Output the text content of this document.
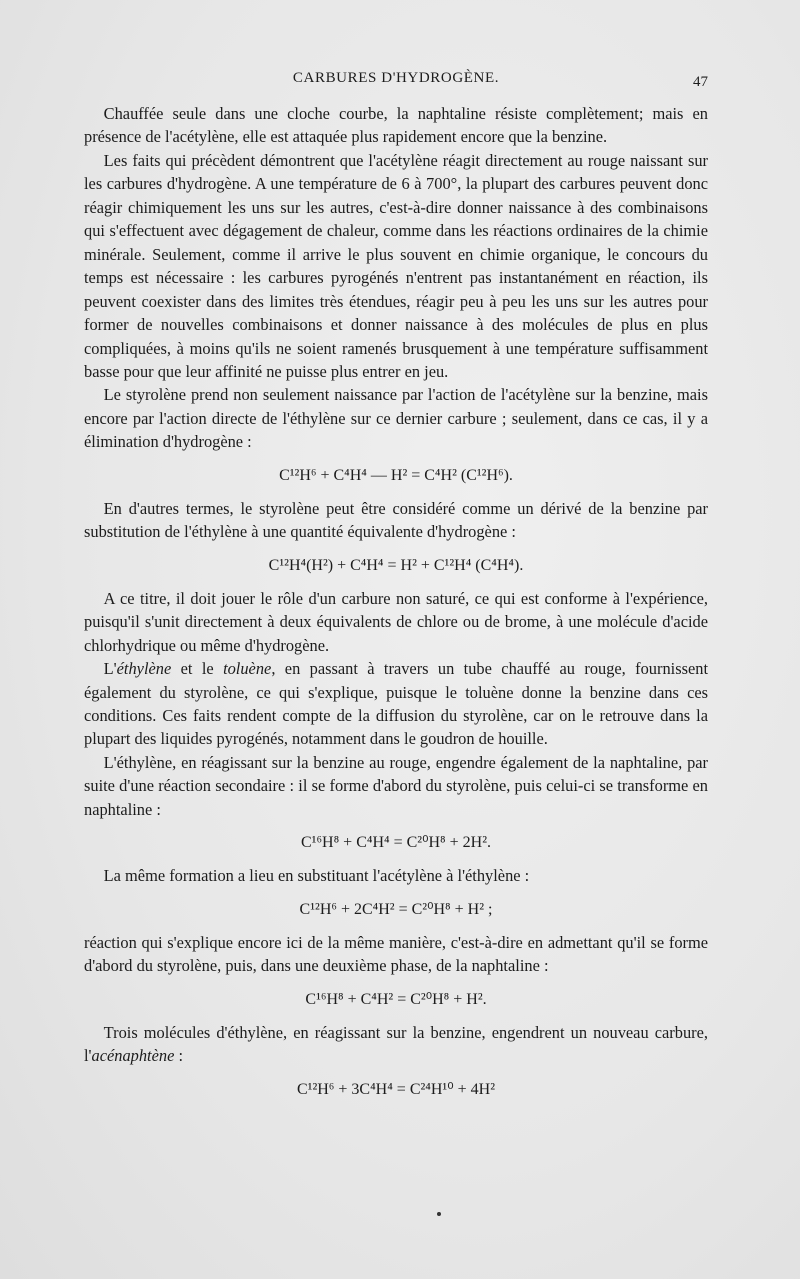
CARBURES D'HYDROGÈNE.	47

Chauffée seule dans une cloche courbe, la naphtaline résiste complètement; mais en présence de l'acétylène, elle est attaquée plus rapidement encore que la benzine.

Les faits qui précèdent démontrent que l'acétylène réagit directement au rouge naissant sur les carbures d'hydrogène. A une température de 6 à 700°, la plupart des carbures peuvent donc réagir chimiquement les uns sur les autres, c'est-à-dire donner naissance à des combinaisons qui s'effectuent avec dégagement de chaleur, comme dans les réactions ordinaires de la chimie minérale. Seulement, comme il arrive le plus souvent en chimie organique, le concours du temps est nécessaire : les carbures pyrogénés n'entrent pas instantanément en réaction, ils peuvent coexister dans des limites très étendues, réagir peu à peu les uns sur les autres pour former de nouvelles combinaisons et donner naissance à des molécules de plus en plus compliquées, à moins qu'ils ne soient ramenés brusquement à une température suffisamment basse pour que leur affinité ne puisse plus entrer en jeu.

Le styrolène prend non seulement naissance par l'action de l'acétylène sur la benzine, mais encore par l'action directe de l'éthylène sur ce dernier carbure ; seulement, dans ce cas, il y a élimination d'hydrogène :

C¹²H⁶ + C⁴H⁴ — H² = C⁴H² (C¹²H⁶).

En d'autres termes, le styrolène peut être considéré comme un dérivé de la benzine par substitution de l'éthylène à une quantité équivalente d'hydrogène :

C¹²H⁴(H²) + C⁴H⁴ = H² + C¹²H⁴ (C⁴H⁴).

A ce titre, il doit jouer le rôle d'un carbure non saturé, ce qui est conforme à l'expérience, puisqu'il s'unit directement à deux équivalents de chlore ou de brome, à une molécule d'acide chlorhydrique ou même d'hydrogène.

L'éthylène et le toluène, en passant à travers un tube chauffé au rouge, fournissent également du styrolène, ce qui s'explique, puisque le toluène donne la benzine dans ces conditions. Ces faits rendent compte de la diffusion du styrolène, car on le retrouve dans la plupart des liquides pyrogénés, notamment dans le goudron de houille.

L'éthylène, en réagissant sur la benzine au rouge, engendre également de la naphtaline, par suite d'une réaction secondaire : il se forme d'abord du styrolène, puis celui-ci se transforme en naphtaline :

C¹⁶H⁸ + C⁴H⁴ = C²⁰H⁸ + 2H².

La même formation a lieu en substituant l'acétylène à l'éthylène :

C¹²H⁶ + 2C⁴H² = C²⁰H⁸ + H² ;

réaction qui s'explique encore ici de la même manière, c'est-à-dire en admettant qu'il se forme d'abord du styrolène, puis, dans une deuxième phase, de la naphtaline :

C¹⁶H⁸ + C⁴H² = C²⁰H⁸ + H².

Trois molécules d'éthylène, en réagissant sur la benzine, engendrent un nouveau carbure, l'acénaphtène :

C¹²H⁶ + 3C⁴H⁴ = C²⁴H¹⁰ + 4H²
